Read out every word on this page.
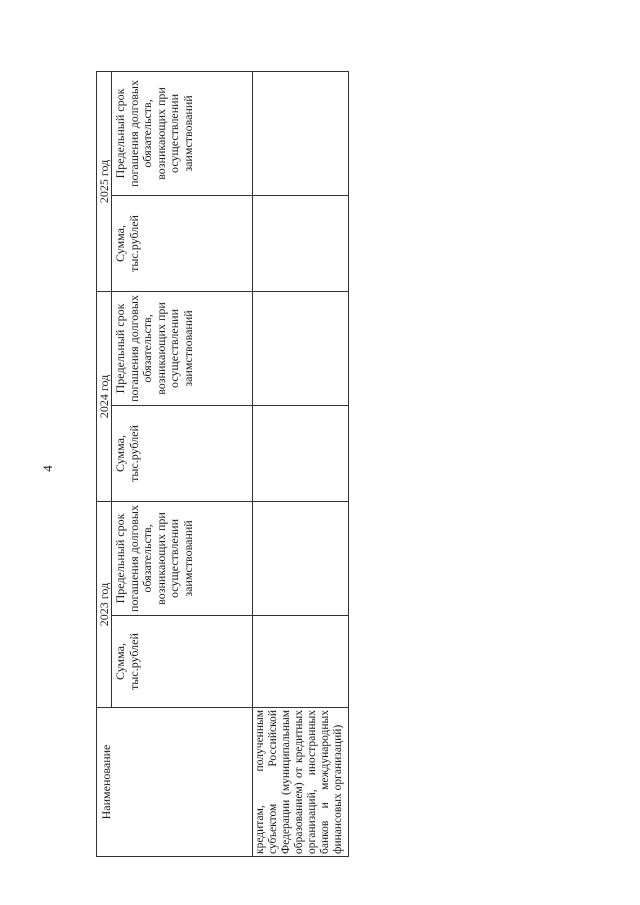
4
Наименование	2023 год		2024 год		2025 год	
	Сумма, тыс.рублей	Предельный срок погашения долговых обязательств, возникающих при осуществлении заимствований	Сумма, тыс.рублей	Предельный срок погашения долговых обязательств, возникающих при осуществлении заимствований	Сумма, тыс.рублей	Предельный срок погашения долговых обязательств, возникающих при осуществлении заимствований
кредитам, полученным субъектом Российской Федерации (муниципальным образованием) от кредитных организаций, иностранных банков и международных финансовых организаций)						
